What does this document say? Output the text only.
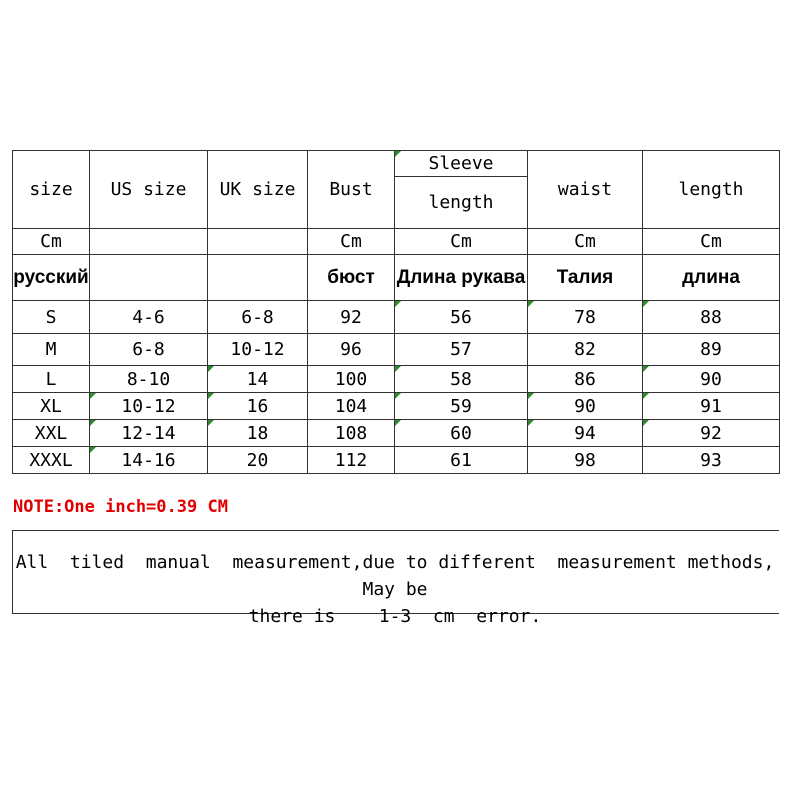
size	US size	UK size	Bust	Sleeve	waist	length
				length		
Cm			Cm	Cm	Cm	Cm
русский			бюст	Длина рукава	Талия	длина
S	4-6	6-8	92	56	78	88
M	6-8	10-12	96	57	82	89
L	8-10	14	100	58	86	90
XL	10-12	16	104	59	90	91
XXL	12-14	18	108	60	94	92
XXXL	14-16	20	112	61	98	93
NOTE:One inch=0.39 CM
All  tiled  manual  measurement,due to different  measurement methods,  May be
there is    1-3  cm  error.
